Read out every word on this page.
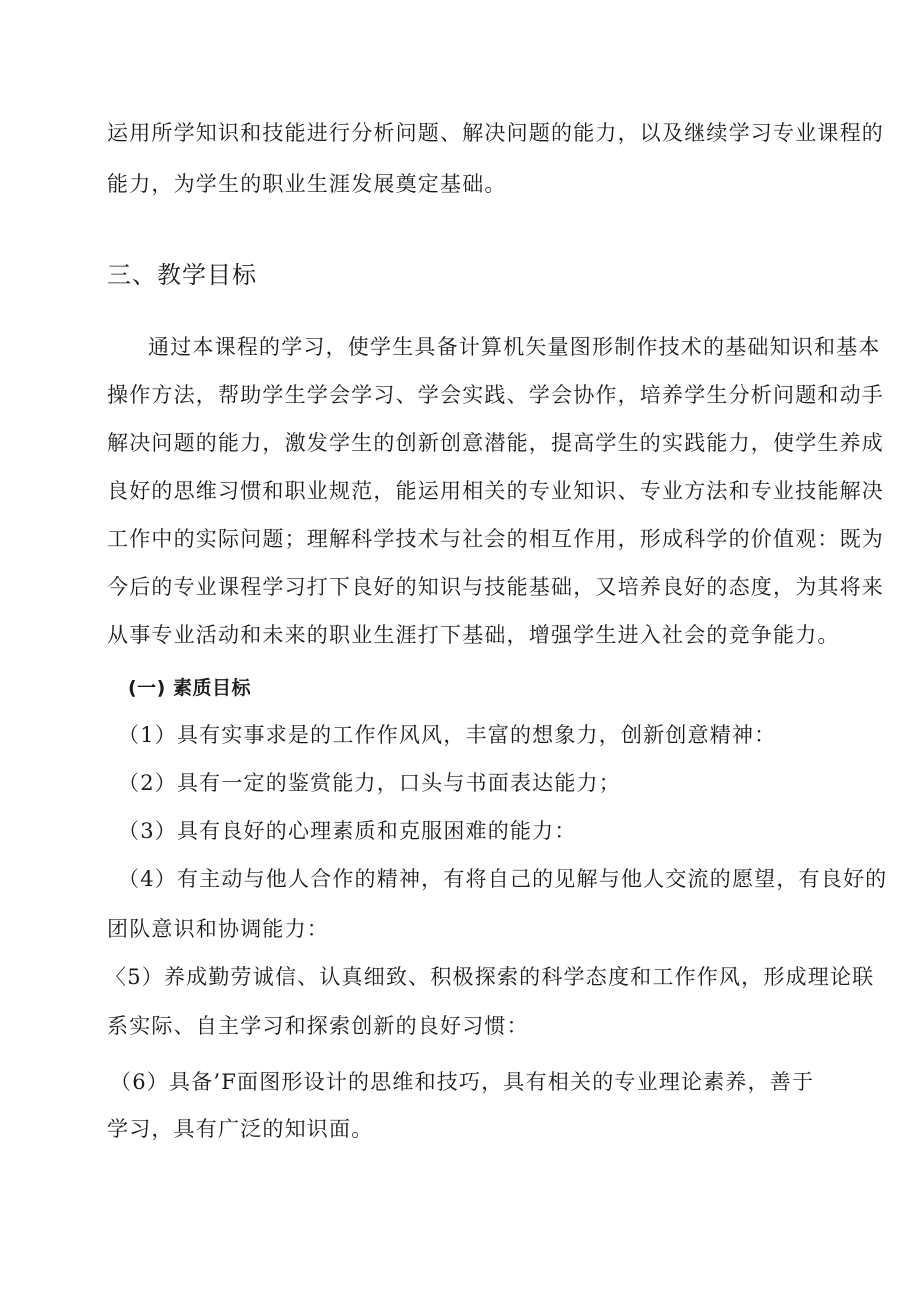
运用所学知识和技能进行分析问题、解决问题的能力，以及继续学习专业课程的
能力，为学生的职业生涯发展奠定基础。
三、教学目标
通过本课程的学习，使学生具备计算机矢量图形制作技术的基础知识和基本
操作方法，帮助学生学会学习、学会实践、学会协作，培养学生分析问题和动手
解决问题的能力，激发学生的创新创意潜能，提高学生的实践能力，使学生养成
良好的思维习惯和职业规范，能运用相关的专业知识、专业方法和专业技能解决
工作中的实际问题；理解科学技术与社会的相互作用，形成科学的价值观：既为
今后的专业课程学习打下良好的知识与技能基础，又培养良好的态度，为其将来
从事专业活动和未来的职业生涯打下基础，增强学生进入社会的竞争能力。
(一) 素质目标
（1）具有实事求是的工作作风风，丰富的想象力，创新创意精神：
（2）具有一定的鉴赏能力，口头与书面表达能力；
（3）具有良好的心理素质和克服困难的能力：
（4）有主动与他人合作的精神，有将自己的见解与他人交流的愿望，有良好的
团队意识和协调能力：
〈5）养成勤劳诚信、认真细致、积极探索的科学态度和工作作风，形成理论联
系实际、自主学习和探索创新的良好习惯：
（6）具备’F面图形设计的思维和技巧，具有相关的专业理论素养，善于
学习，具有广泛的知识面。
